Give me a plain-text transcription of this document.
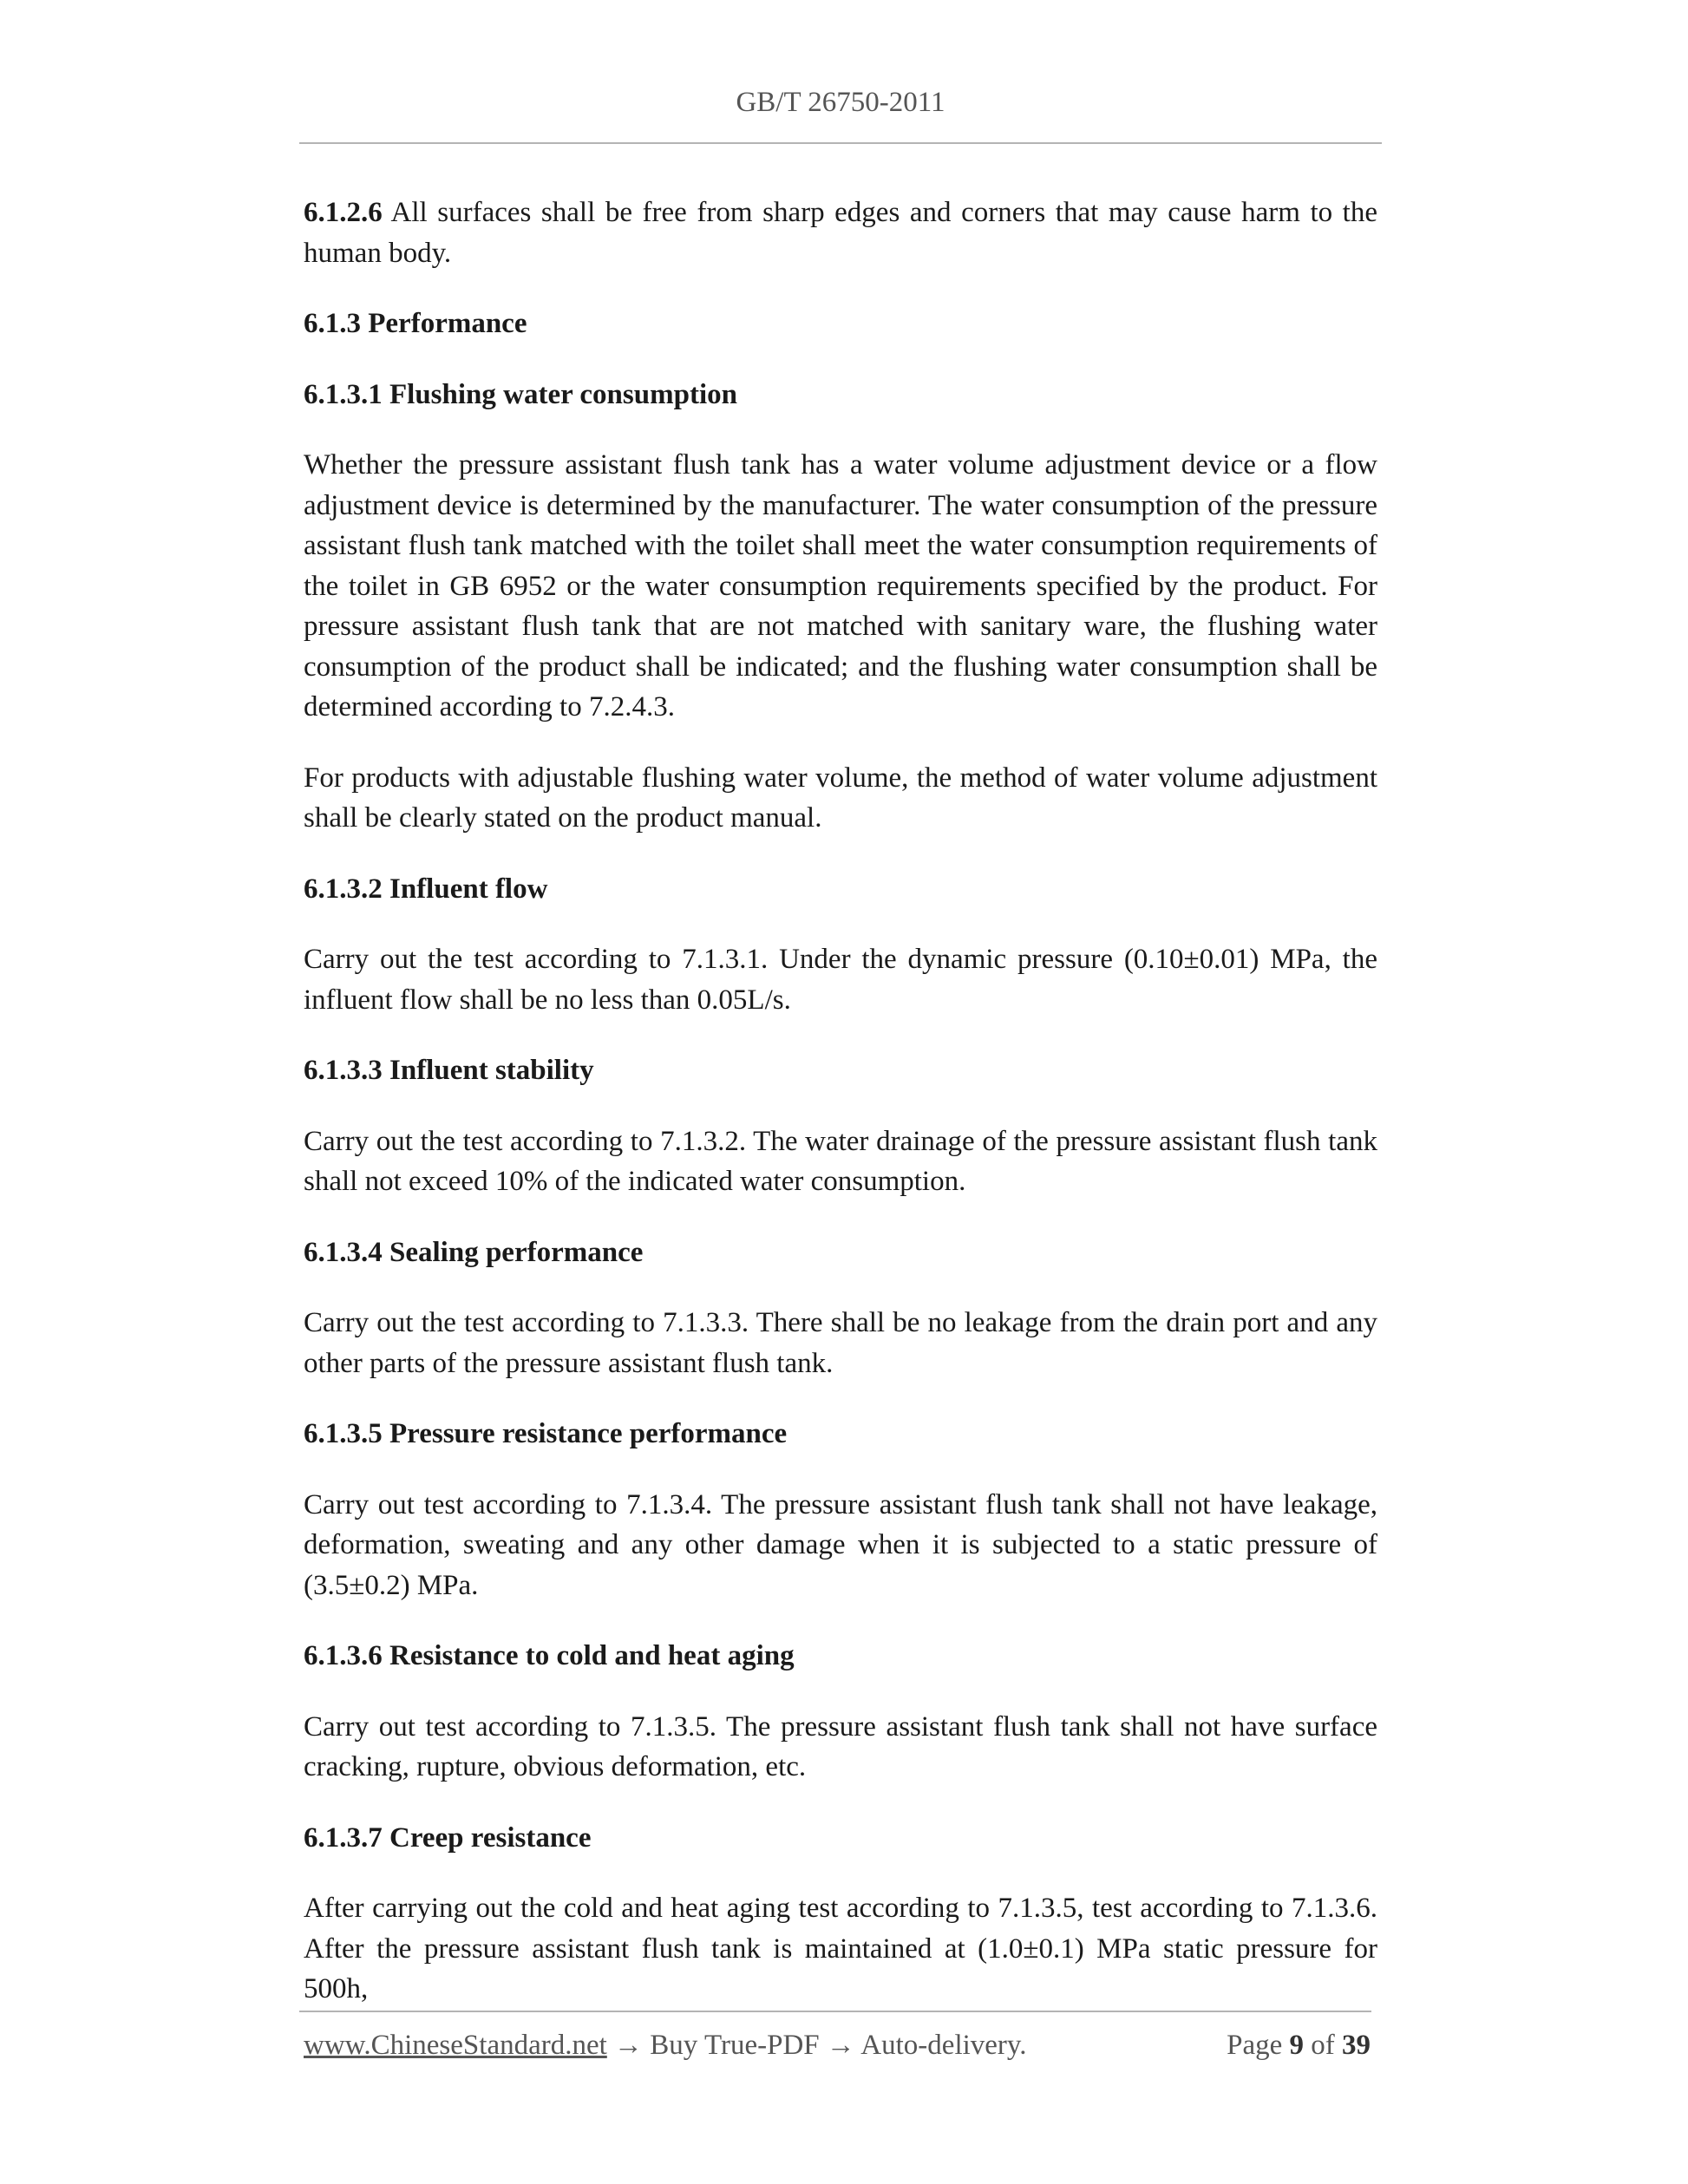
GB/T 26750-2011

6.1.2.6 All surfaces shall be free from sharp edges and corners that may cause harm to the human body.

6.1.3 Performance

6.1.3.1 Flushing water consumption

Whether the pressure assistant flush tank has a water volume adjustment device or a flow adjustment device is determined by the manufacturer. The water consumption of the pressure assistant flush tank matched with the toilet shall meet the water consumption requirements of the toilet in GB 6952 or the water consumption requirements specified by the product. For pressure assistant flush tank that are not matched with sanitary ware, the flushing water consumption of the product shall be indicated; and the flushing water consumption shall be determined according to 7.2.4.3.

For products with adjustable flushing water volume, the method of water volume adjustment shall be clearly stated on the product manual.

6.1.3.2 Influent flow

Carry out the test according to 7.1.3.1. Under the dynamic pressure (0.10±0.01) MPa, the influent flow shall be no less than 0.05L/s.

6.1.3.3 Influent stability

Carry out the test according to 7.1.3.2. The water drainage of the pressure assistant flush tank shall not exceed 10% of the indicated water consumption.

6.1.3.4 Sealing performance

Carry out the test according to 7.1.3.3. There shall be no leakage from the drain port and any other parts of the pressure assistant flush tank.

6.1.3.5 Pressure resistance performance

Carry out test according to 7.1.3.4. The pressure assistant flush tank shall not have leakage, deformation, sweating and any other damage when it is subjected to a static pressure of (3.5±0.2) MPa.

6.1.3.6 Resistance to cold and heat aging

Carry out test according to 7.1.3.5. The pressure assistant flush tank shall not have surface cracking, rupture, obvious deformation, etc.

6.1.3.7 Creep resistance

After carrying out the cold and heat aging test according to 7.1.3.5, test according to 7.1.3.6. After the pressure assistant flush tank is maintained at (1.0±0.1) MPa static pressure for 500h,

www.ChineseStandard.net → Buy True-PDF → Auto-delivery.	Page 9 of 39
